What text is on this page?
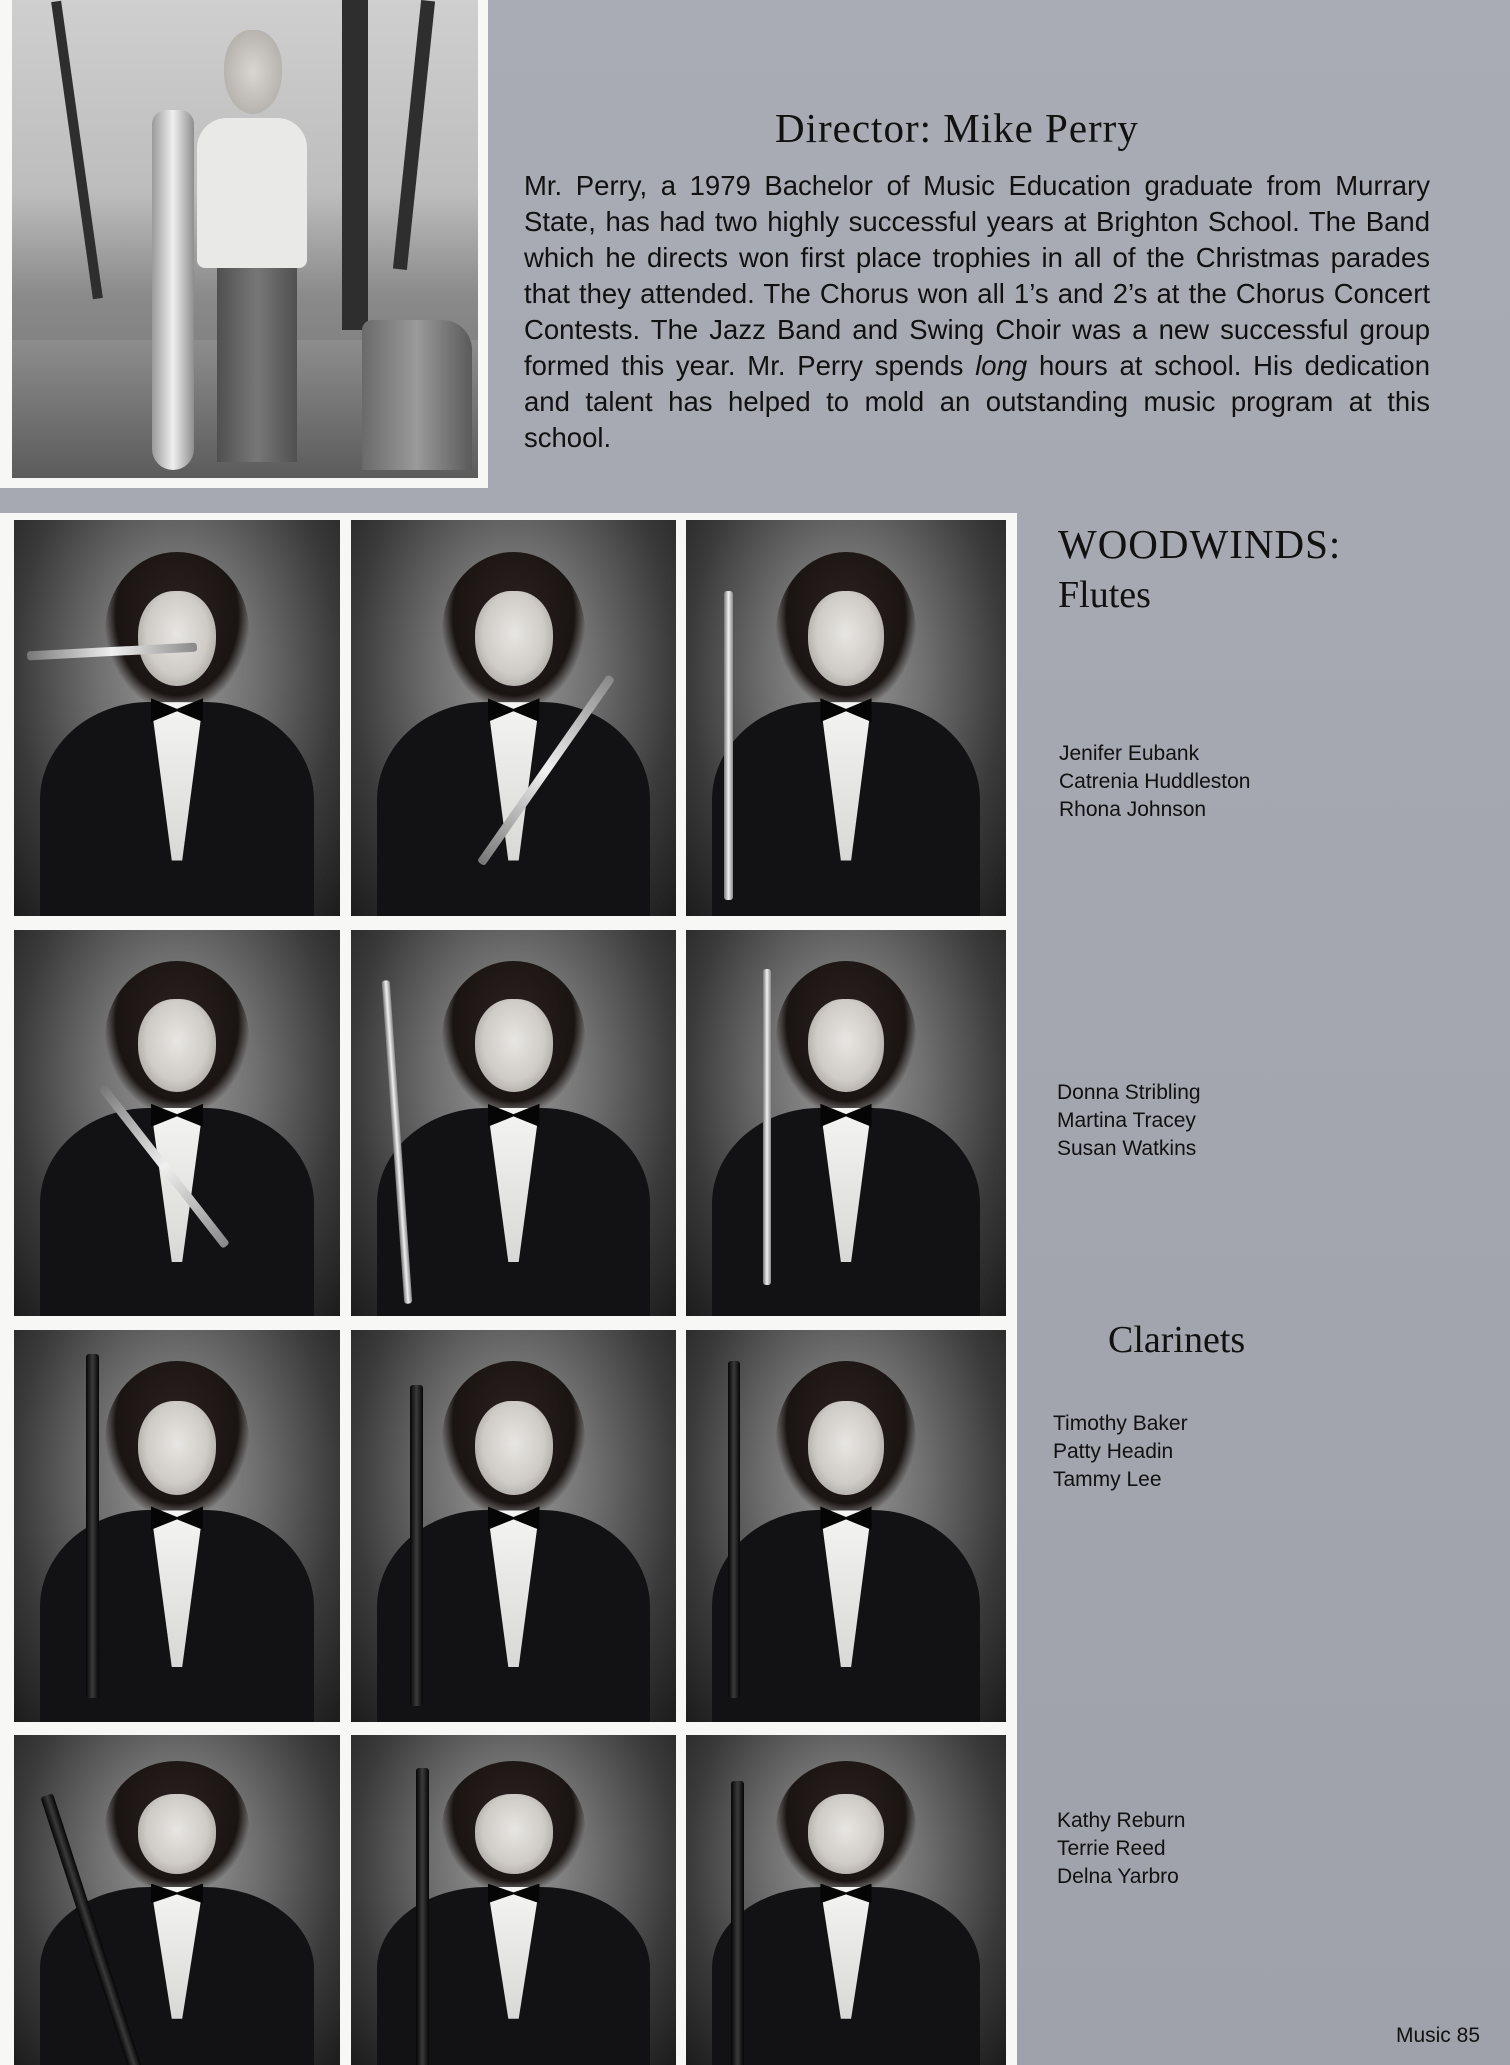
Director: Mike Perry
Mr. Perry, a 1979 Bachelor of Music Education graduate from Murrary State, has had two highly successful years at Brighton School. The Band which he directs won first place trophies in all of the Christmas parades that they attended. The Chorus won all 1’s and 2’s at the Chorus Concert Contests. The Jazz Band and Swing Choir was a new successful group formed this year. Mr. Perry spends long hours at school. His dedication and talent has helped to mold an outstanding music program at this school.
WOODWINDS:
Flutes
Jenifer Eubank
Catrenia Huddleston
Rhona Johnson
Donna Stribling
Martina Tracey
Susan Watkins
Clarinets
Timothy Baker
Patty Headin
Tammy Lee
Kathy Reburn
Terrie Reed
Delna Yarbro
Music 85
